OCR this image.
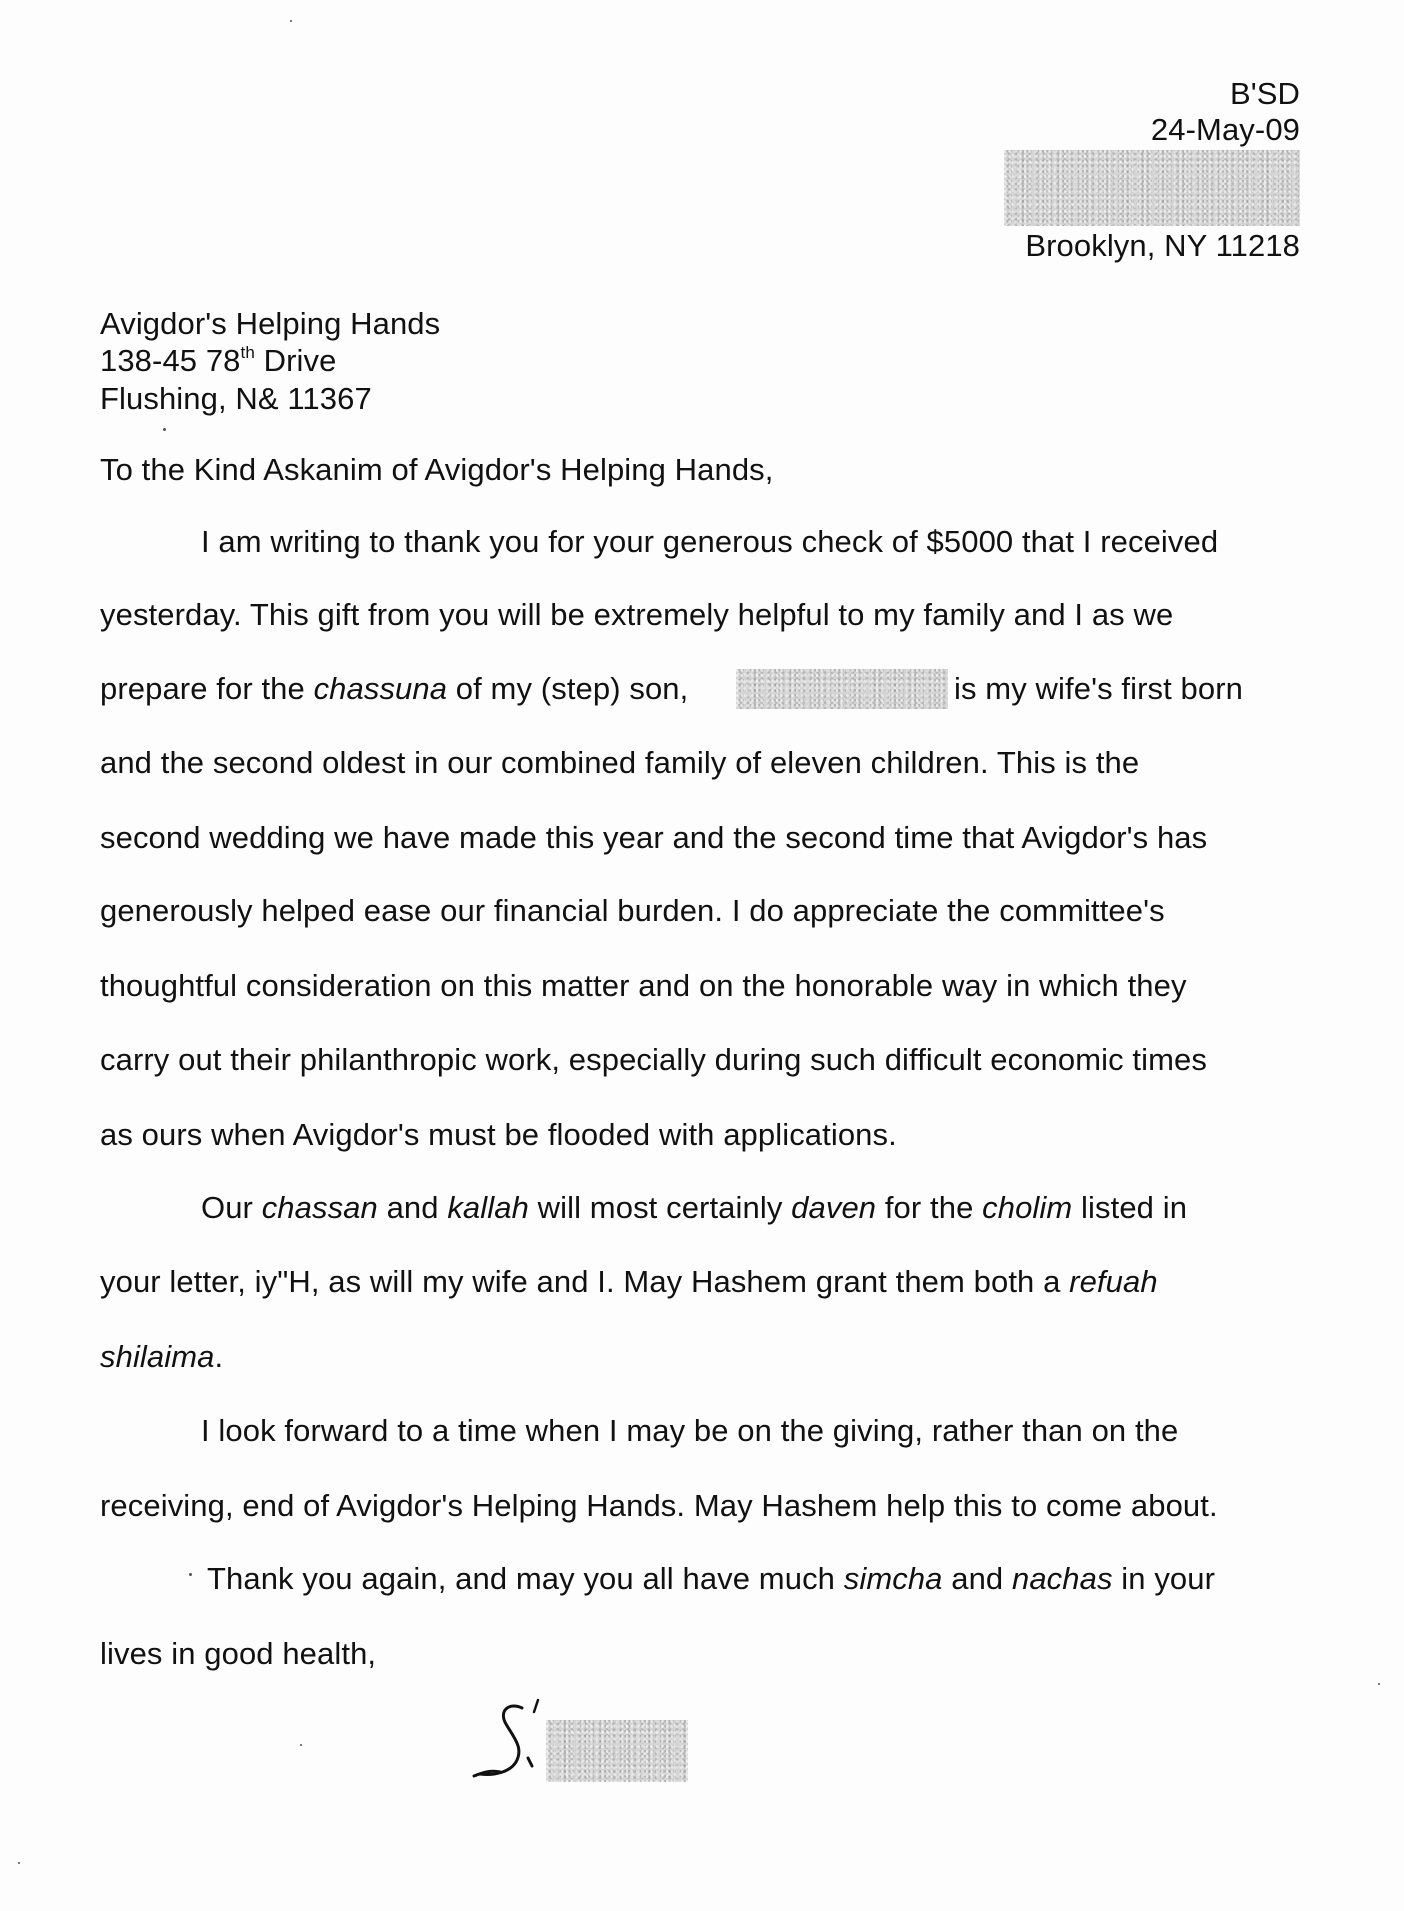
B'SD
24-May-09
Brooklyn, NY 11218
Avigdor's Helping Hands
138-45 78th Drive
Flushing, N& 11367
To the Kind Askanim of Avigdor's Helping Hands,
I am writing to thank you for your generous check of $5000 that I received
yesterday. This gift from you will be extremely helpful to my family and I as we
prepare for the chassuna of my (step) son,	is my wife's first born
and the second oldest in our combined family of eleven children. This is the
second wedding we have made this year and the second time that Avigdor's has
generously helped ease our financial burden. I do appreciate the committee's
thoughtful consideration on this matter and on the honorable way in which they
carry out their philanthropic work, especially during such difficult economic times
as ours when Avigdor's must be flooded with applications.
Our chassan and kallah will most certainly daven for the cholim listed in
your letter, iy"H, as will my wife and I. May Hashem grant them both a refuah
shilaima.
I look forward to a time when I may be on the giving, rather than on the
receiving, end of Avigdor's Helping Hands. May Hashem help this to come about.
Thank you again, and may you all have much simcha and nachas in your
lives in good health,
